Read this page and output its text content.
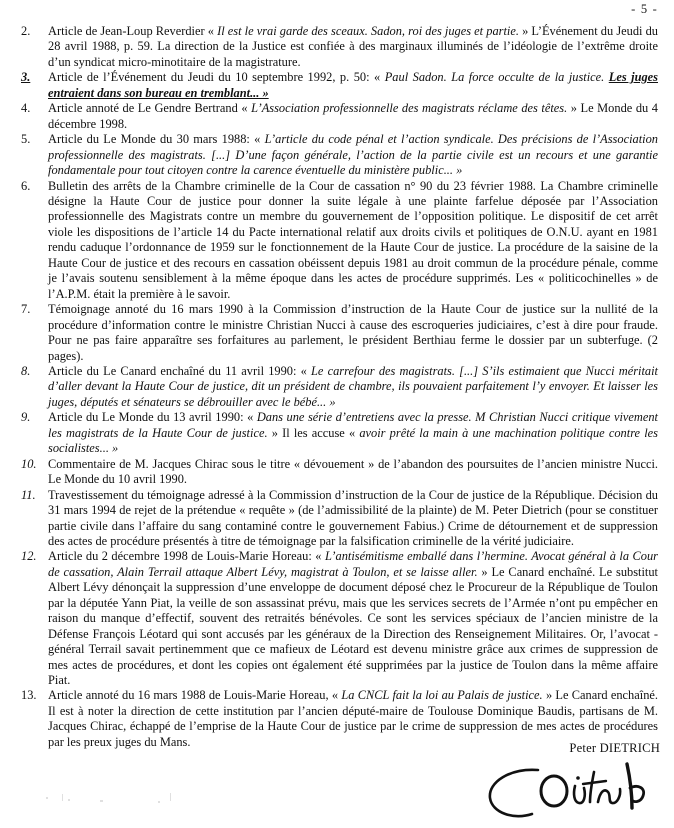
- 5 -
2.	Article de Jean-Loup Reverdier « Il est le vrai garde des sceaux. Sadon, roi des juges et partie. » L’Événement du Jeudi du 28 avril 1988, p. 59. La direction de la Justice est confiée à des marginaux illuminés de l’idéologie de l’extrême droite d’un syndicat micro-minotitaire de la magistrature.
3.	Article de l’Événement du Jeudi du 10 septembre 1992, p. 50: « Paul Sadon. La force occulte de la justice. Les juges entraient dans son bureau en tremblant... »
4.	Article annoté de Le Gendre Bertrand « L’Association professionnelle des magistrats réclame des têtes. » Le Monde du 4 décembre 1998.
5.	Article du Le Monde du 30 mars 1988: « L’article du code pénal et l’action syndicale. Des précisions de l’Association professionnelle des magistrats. [...] D’une façon générale, l’action de la partie civile est un recours et une garantie fondamentale pour tout citoyen contre la carence éventuelle du ministère public... »
6.	Bulletin des arrêts de la Chambre criminelle de la Cour de cassation n° 90 du 23 février 1988. La Chambre criminelle désigne la Haute Cour de justice pour donner la suite légale à une plainte farfelue déposée par l’Association professionnelle des Magistrats contre un membre du gouvernement de l’opposition politique. Le dispositif de cet arrêt viole les dispositions de l’article 14 du Pacte international relatif aux droits civils et politiques de O.N.U. ayant en 1981 rendu caduque l’ordonnance de 1959 sur le fonctionnement de la Haute Cour de justice. La procédure de la saisine de la Haute Cour de justice et des recours en cassation obéissent depuis 1981 au droit commun de la procédure pénale, comme je l’avais soutenu sensiblement à la même époque dans les actes de procédure supprimés. Les « politicochinelles » de l’A.P.M. était la première à le savoir.
7.	Témoignage annoté du 16 mars 1990 à la Commission d’instruction de la Haute Cour de justice sur la nullité de la procédure d’information contre le ministre Christian Nucci à cause des escroqueries judiciaires, c’est à dire pour fraude. Pour ne pas faire apparaître ses forfaitures au parlement, le président Berthiau ferme le dossier par un subterfuge. (2 pages).
8.	Article du Le Canard enchaîné du 11 avril 1990: « Le carrefour des magistrats. [...] S’ils estimaient que Nucci méritait d’aller devant la Haute Cour de justice, dit un président de chambre, ils pouvaient parfaitement l’y envoyer. Et laisser les juges, députés et sénateurs se débrouiller avec le bébé... »
9.	Article du Le Monde du 13 avril 1990: « Dans une série d’entretiens avec la presse. M Christian Nucci critique vivement les magistrats de la Haute Cour de justice. » Il les accuse « avoir prêté la main à une machination politique contre les socialistes... »
10. Commentaire de M. Jacques Chirac sous le titre « dévouement » de l’abandon des poursuites de l’ancien ministre Nucci. Le Monde du 10 avril 1990.
11.	Travestissement du témoignage adressé à la Commission d’instruction de la Cour de justice de la République. Décision du 31 mars 1994 de rejet de la prétendue « requête » (de l’admissibilité de la plainte) de M. Peter Dietrich (pour se constituer partie civile dans l’affaire du sang contaminé contre le gouvernement Fabius.) Crime de détournement et de suppression des actes de procédure présentés à titre de témoignage par la falsification criminelle de la vérité judiciaire.
12. Article du 2 décembre 1998 de Louis-Marie Horeau: « L’antisémitisme emballé dans l’hermine. Avocat général à la Cour de cassation, Alain Terrail attaque Albert Lévy, magistrat à Toulon, et se laisse aller. » Le Canard enchaîné. Le substitut Albert Lévy dénonçait la suppression d’une enveloppe de document déposé chez le Procureur de la République de Toulon par la députée Yann Piat, la veille de son assassinat prévu, mais que les services secrets de l’Armée n’ont pu empêcher en raison du manque d’effectif, souvent des retraités bénévoles. Ce sont les services spéciaux de l’ancien ministre de la Défense François Léotard qui sont accusés par les généraux de la Direction des Renseignement Militaires. Or, l’avocat - général Terrail savait pertinemment que ce mafieux de Léotard est devenu ministre grâce aux crimes de suppression de mes actes de procédures, et dont les copies ont également été supprimées par la justice de Toulon dans la même affaire Piat.
13. Article annoté du 16 mars 1988 de Louis-Marie Horeau, « La CNCL fait la loi au Palais de justice. » Le Canard enchaîné. Il est à noter la direction de cette institution par l’ancien député-maire de Toulouse Dominique Baudis, partisans de M. Jacques Chirac, échappé de l’emprise de la Haute Cour de justice par le crime de suppression de mes actes de procédures par les preux juges du Mans.	Peter DIETRICH
